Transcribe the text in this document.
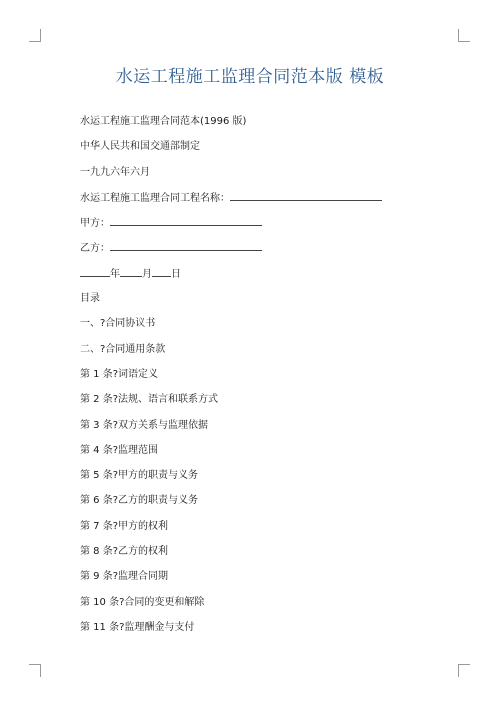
水运工程施工监理合同范本版 模板
水运工程施工监理合同范本(1996 版)
中华人民共和国交通部制定
一九九六年六月
水运工程施工监理合同工程名称：
甲方：
乙方：
年 月 日
目录
一、?合同协议书
二、?合同通用条款
第 1 条?词语定义
第 2 条?法规、语言和联系方式
第 3 条?双方关系与监理依据
第 4 条?监理范围
第 5 条?甲方的职责与义务
第 6 条?乙方的职责与义务
第 7 条?甲方的权利
第 8 条?乙方的权利
第 9 条?监理合同期
第 10 条?合同的变更和解除
第 11 条?监理酬金与支付
